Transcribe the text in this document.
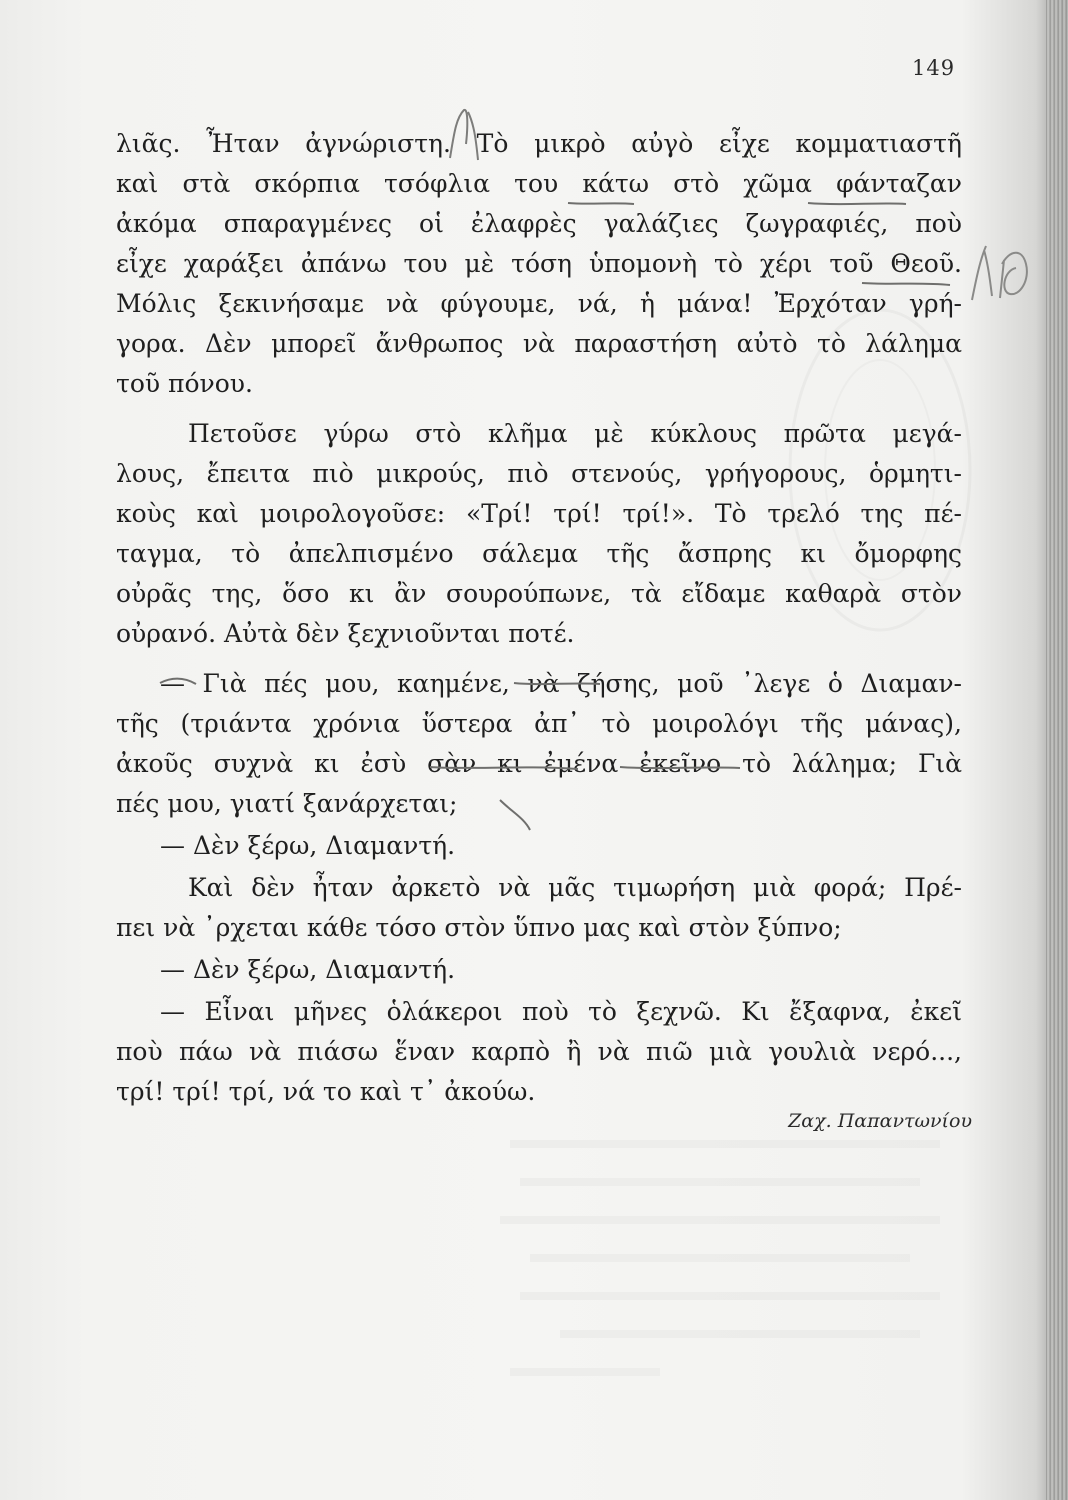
149
λιᾶς. Ἦταν ἀγνώριστη. Τὸ μικρὸ αὐγὸ εἶχε κομματιαστῆ
καὶ στὰ σκόρπια τσόφλια του κάτω στὸ χῶμα φάνταζαν
ἀκόμα σπαραγμένες οἱ ἐλαφρὲς γαλάζιες ζωγραφιές, ποὺ
εἶχε χαράξει ἀπάνω του μὲ τόση ὑπομονὴ τὸ χέρι τοῦ Θεοῦ.
Μόλις ξεκινήσαμε νὰ φύγουμε, νά, ἡ μάνα! Ἐρχόταν γρή-
γορα. Δὲν μπορεῖ ἄνθρωπος νὰ παραστήση αὐτὸ τὸ λάλημα
τοῦ πόνου.
Πετοῦσε γύρω στὸ κλῆμα μὲ κύκλους πρῶτα μεγά-
λους, ἔπειτα πιὸ μικρούς, πιὸ στενούς, γρήγορους, ὁρμητι-
κοὺς καὶ μοιρολογοῦσε: «Τρί! τρί! τρί!». Τὸ τρελό της πέ-
ταγμα, τὸ ἀπελπισμένο σάλεμα τῆς ἄσπρης κι ὄμορφης
οὐρᾶς της, ὅσο κι ἂν σουρούπωνε, τὰ εἴδαμε καθαρὰ στὸν
οὐρανό. Αὐτὰ δὲν ξεχνιοῦνται ποτέ.
— Γιὰ πές μου, καημένε, νὰ ζήσης, μοῦ ᾽λεγε ὁ Διαμαν-
τῆς (τριάντα χρόνια ὕστερα ἀπ᾽ τὸ μοιρολόγι τῆς μάνας),
ἀκοῦς συχνὰ κι ἐσὺ σὰν κι ἐμένα ἐκεῖνο τὸ λάλημα; Γιὰ
πές μου, γιατί ξανάρχεται;
— Δὲν ξέρω, Διαμαντή.
Καὶ δὲν ἦταν ἀρκετὸ νὰ μᾶς τιμωρήση μιὰ φορά; Πρέ-
πει νὰ ᾽ρχεται κάθε τόσο στὸν ὕπνο μας καὶ στὸν ξύπνο;
— Δὲν ξέρω, Διαμαντή.
— Εἶναι μῆνες ὁλάκεροι ποὺ τὸ ξεχνῶ. Κι ἔξαφνα, ἐκεῖ
ποὺ πάω νὰ πιάσω ἕναν καρπὸ ἢ νὰ πιῶ μιὰ γουλιὰ νερό...,
τρί! τρί! τρί, νά το καὶ τ᾽ ἀκούω.
Ζαχ. Παπαντωνίου
